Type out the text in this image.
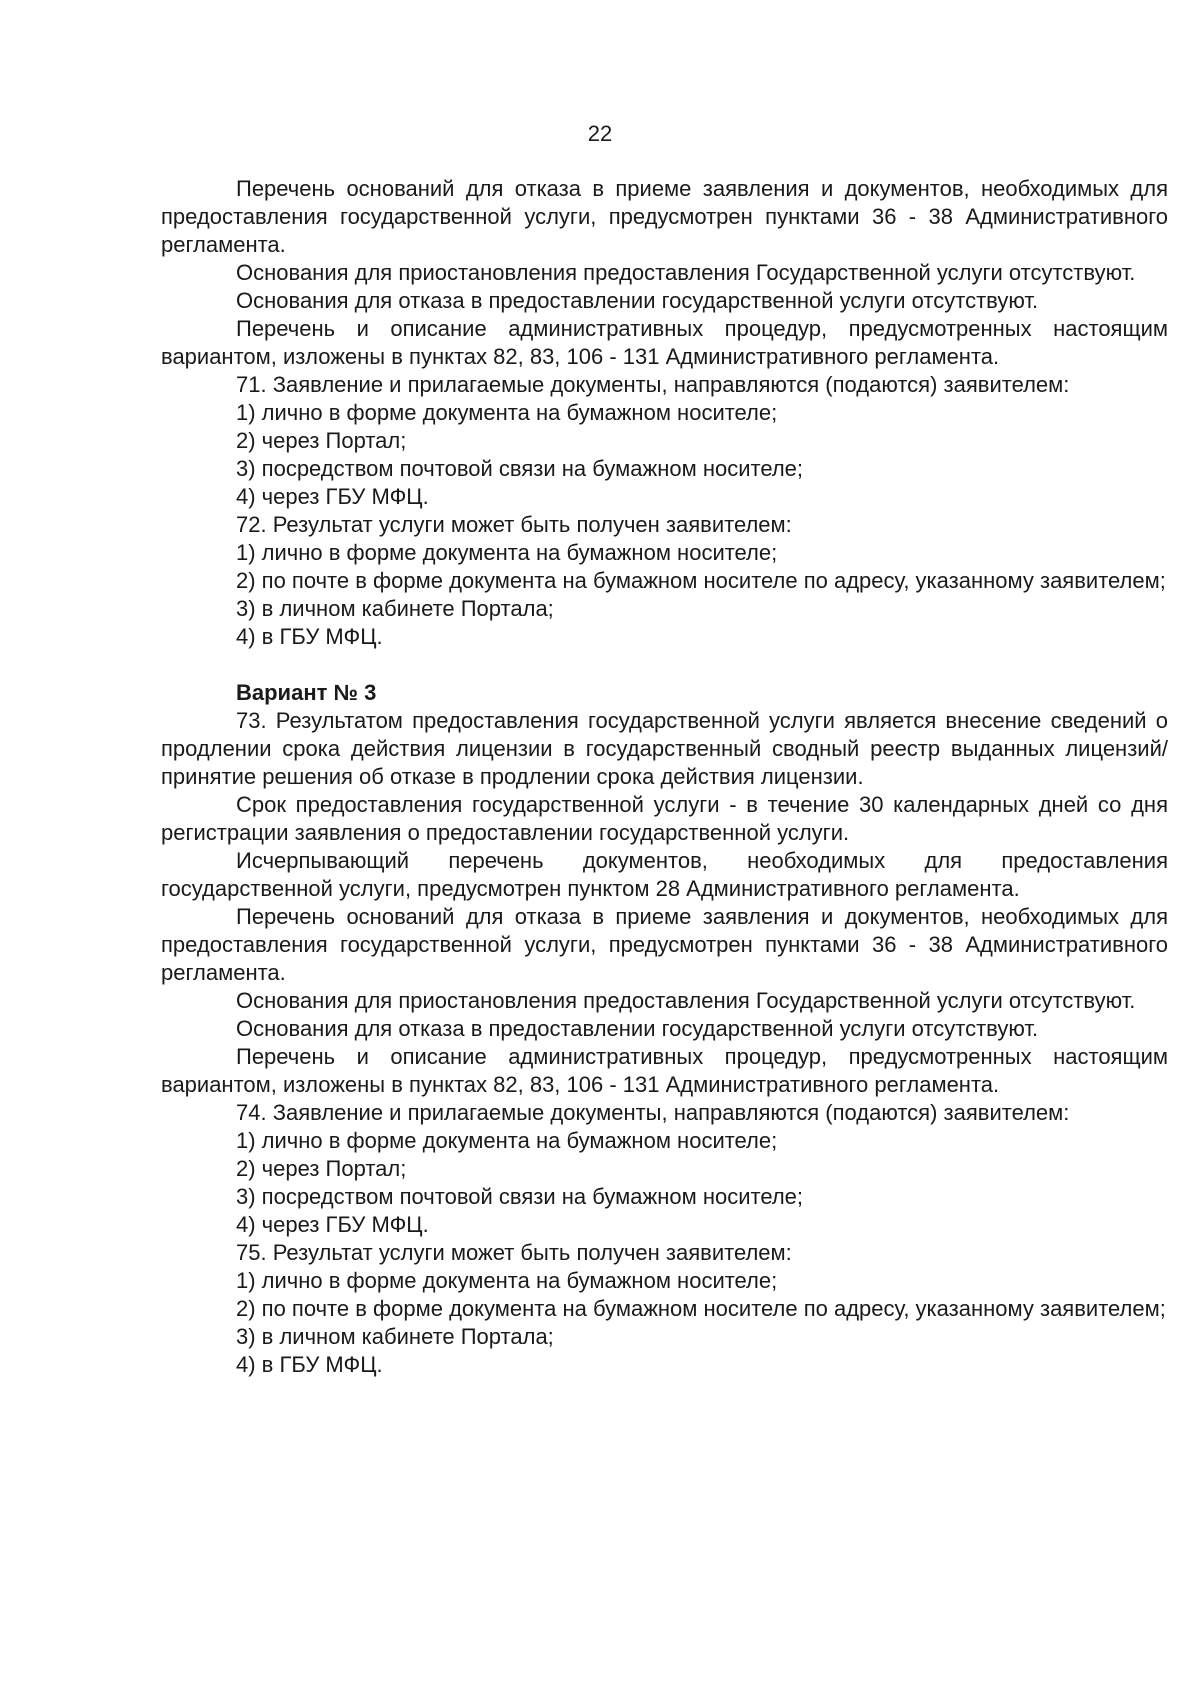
22

Перечень оснований для отказа в приеме заявления и документов, необходимых для предоставления государственной услуги, предусмотрен пунктами 36 - 38 Административного регламента.

Основания для приостановления предоставления Государственной услуги отсутствуют.

Основания для отказа в предоставлении государственной услуги отсутствуют.

Перечень и описание административных процедур, предусмотренных настоящим вариантом, изложены в пунктах 82, 83, 106 - 131 Административного регламента.

71. Заявление и прилагаемые документы, направляются (подаются) заявителем:

1) лично в форме документа на бумажном носителе;

2) через Портал;

3) посредством почтовой связи на бумажном носителе;

4) через ГБУ МФЦ.

72. Результат услуги может быть получен заявителем:

1) лично в форме документа на бумажном носителе;

2) по почте в форме документа на бумажном носителе по адресу, указанному заявителем;

3) в личном кабинете Портала;

4) в ГБУ МФЦ.

Вариант № 3

73. Результатом предоставления государственной услуги является внесение сведений о продлении срока действия лицензии в государственный сводный реестр выданных лицензий/принятие решения об отказе в продлении срока действия лицензии.

Срок предоставления государственной услуги - в течение 30 календарных дней со дня регистрации заявления о предоставлении государственной услуги.

Исчерпывающий перечень документов, необходимых для предоставления государственной услуги, предусмотрен пунктом 28 Административного регламента.

Перечень оснований для отказа в приеме заявления и документов, необходимых для предоставления государственной услуги, предусмотрен пунктами 36 - 38 Административного регламента.

Основания для приостановления предоставления Государственной услуги отсутствуют.

Основания для отказа в предоставлении государственной услуги отсутствуют.

Перечень и описание административных процедур, предусмотренных настоящим вариантом, изложены в пунктах 82, 83, 106 - 131 Административного регламента.

74. Заявление и прилагаемые документы, направляются (подаются) заявителем:

1) лично в форме документа на бумажном носителе;

2) через Портал;

3) посредством почтовой связи на бумажном носителе;

4) через ГБУ МФЦ.

75. Результат услуги может быть получен заявителем:

1) лично в форме документа на бумажном носителе;

2) по почте в форме документа на бумажном носителе по адресу, указанному заявителем;

3) в личном кабинете Портала;

4) в ГБУ МФЦ.
